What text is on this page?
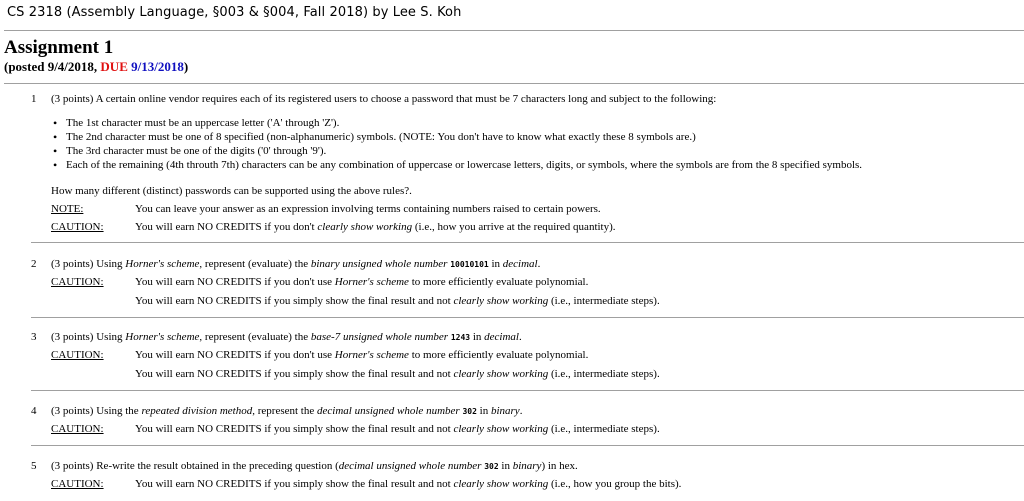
CS 2318 (Assembly Language, §003 & §004, Fall 2018) by Lee S. Koh
Assignment 1
(posted 9/4/2018, DUE 9/13/2018)
1 (3 points) A certain online vendor requires each of its registered users to choose a password that must be 7 characters long and subject to the following:
• The 1st character must be an uppercase letter ('A' through 'Z').
• The 2nd character must be one of 8 specified (non-alphanumeric) symbols. (NOTE: You don't have to know what exactly these 8 symbols are.)
• The 3rd character must be one of the digits ('0' through '9').
• Each of the remaining (4th throuth 7th) characters can be any combination of uppercase or lowercase letters, digits, or symbols, where the symbols are from the 8 specified symbols.
How many different (distinct) passwords can be supported using the above rules?.
NOTE:	You can leave your answer as an expression involving terms containing numbers raised to certain powers.
CAUTION:	You will earn NO CREDITS if you don't clearly show working (i.e., how you arrive at the required quantity).
2 (3 points) Using Horner's scheme, represent (evaluate) the binary unsigned whole number 10010101 in decimal.
CAUTION:	You will earn NO CREDITS if you don't use Horner's scheme to more efficiently evaluate polynomial.
You will earn NO CREDITS if you simply show the final result and not clearly show working (i.e., intermediate steps).
3 (3 points) Using Horner's scheme, represent (evaluate) the base-7 unsigned whole number 1243 in decimal.
CAUTION:	You will earn NO CREDITS if you don't use Horner's scheme to more efficiently evaluate polynomial.
You will earn NO CREDITS if you simply show the final result and not clearly show working (i.e., intermediate steps).
4 (3 points) Using the repeated division method, represent the decimal unsigned whole number 302 in binary.
CAUTION:	You will earn NO CREDITS if you simply show the final result and not clearly show working (i.e., intermediate steps).
5 (3 points) Re-write the result obtained in the preceding question (decimal unsigned whole number 302 in binary) in hex.
CAUTION:	You will earn NO CREDITS if you simply show the final result and not clearly show working (i.e., how you group the bits).
